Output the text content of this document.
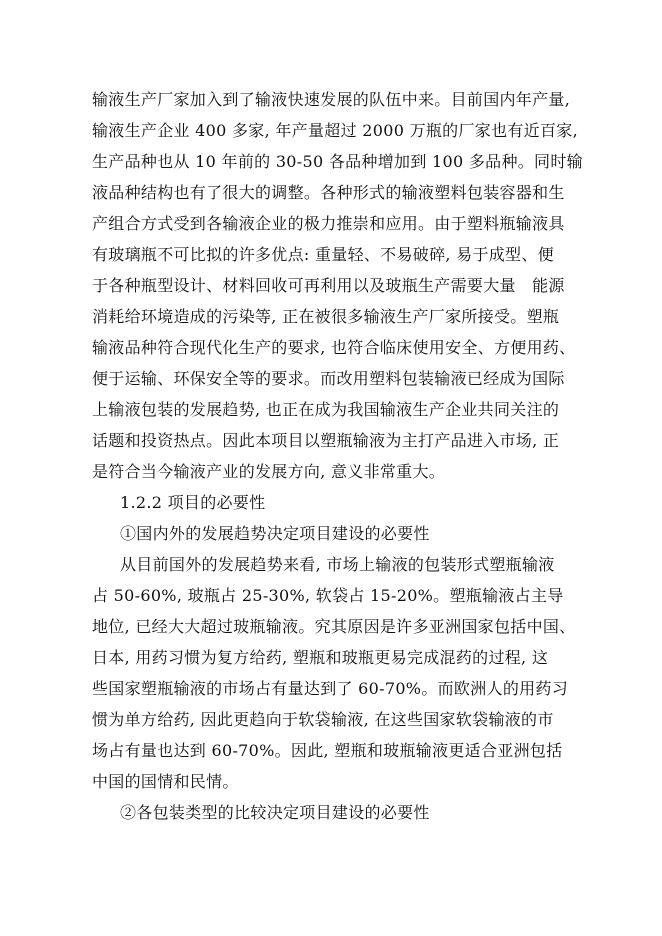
输液生产厂家加入到了输液快速发展的队伍中来。目前国内年产量,
输液生产企业 400 多家, 年产量超过 2000 万瓶的厂家也有近百家,
生产品种也从 10 年前的 30-50 各品种增加到 100 多品种。同时输
液品种结构也有了很大的调整。各种形式的输液塑料包装容器和生
产组合方式受到各输液企业的极力推崇和应用。由于塑料瓶输液具
有玻璃瓶不可比拟的许多优点: 重量轻、不易破碎, 易于成型、便
于各种瓶型设计、材料回收可再利用以及玻瓶生产需要大量　能源
消耗给环境造成的污染等, 正在被很多输液生产厂家所接受。塑瓶
输液品种符合现代化生产的要求, 也符合临床使用安全、方便用药、
便于运输、环保安全等的要求。而改用塑料包装输液已经成为国际
上输液包装的发展趋势, 也正在成为我国输液生产企业共同关注的
话题和投资热点。因此本项目以塑瓶输液为主打产品进入市场, 正
是符合当今输液产业的发展方向, 意义非常重大。
1.2.2 项目的必要性
①国内外的发展趋势决定项目建设的必要性
从目前国外的发展趋势来看, 市场上输液的包装形式塑瓶输液
占 50-60%, 玻瓶占 25-30%, 软袋占 15-20%。塑瓶输液占主导
地位, 已经大大超过玻瓶输液。究其原因是许多亚洲国家包括中国、
日本, 用药习惯为复方给药, 塑瓶和玻瓶更易完成混药的过程, 这
些国家塑瓶输液的市场占有量达到了 60-70%。而欧洲人的用药习
惯为单方给药, 因此更趋向于软袋输液, 在这些国家软袋输液的市
场占有量也达到 60-70%。因此, 塑瓶和玻瓶输液更适合亚洲包括
中国的国情和民情。
②各包装类型的比较决定项目建设的必要性
